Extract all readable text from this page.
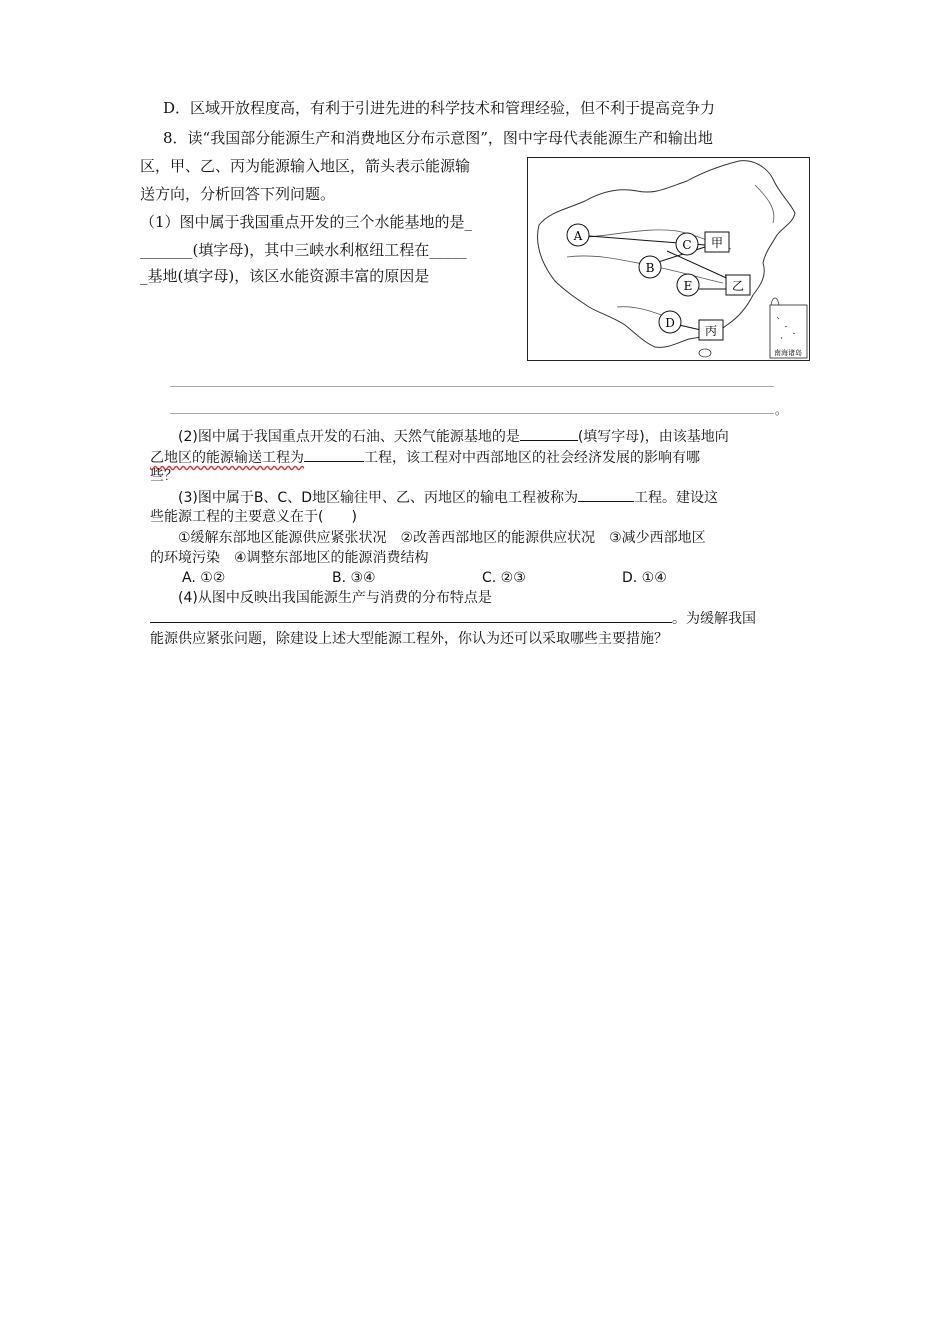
D．区域开放程度高，有利于引进先进的科学技术和管理经验，但不利于提高竞争力
8．读“我国部分能源生产和消费地区分布示意图”，图中字母代表能源生产和输出地
区，甲、乙、丙为能源输入地区，箭头表示能源输
送方向，分析回答下列问题。
（1）图中属于我国重点开发的三个水能基地的是_
_______(填字母)，其中三峡水利枢纽工程在_____
_基地(填字母)，该区水能资源丰富的原因是
A
B
C
E
D
甲
乙
丙
南海诸岛
。
(2)图中属于我国重点开发的石油、天然气能源基地的是	(填写字母)，由该基地向
乙地区的能源输送工程为	工程，该工程对中西部地区的社会经济发展的影响有哪
些？
(3)图中属于B、C、D地区输往甲、乙、丙地区的输电工程被称为	工程。建设这
些能源工程的主要意义在于(　　)
①缓解东部地区能源供应紧张状况　②改善西部地区的能源供应状况　③减少西部地区
的环境污染　④调整东部地区的能源消费结构
A. ①②	B. ③④	C. ②③	D. ①④
(4)从图中反映出我国能源生产与消费的分布特点是
。为缓解我国
能源供应紧张问题，除建设上述大型能源工程外，你认为还可以采取哪些主要措施？
